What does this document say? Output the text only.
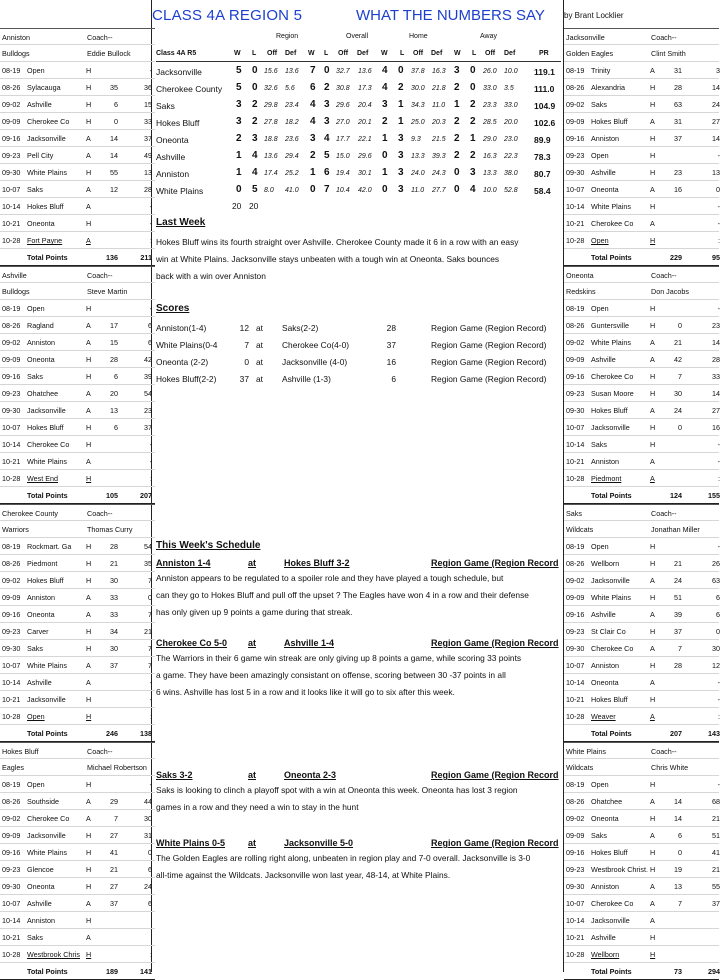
CLASS 4A REGION 5	WHAT THE NUMBERS SAY by Brant Locklier
Anniston	Coach--
Bulldogs	Eddie Bullock
08-19 Open	H	-
08-26 Sylacauga	H	35	36
09-02 Ashville	H	6	15
09-09 Cherokee Co	H	0	33
09-16 Jacksonville	A	14	37
09-23 Pell City	A	14	49
09-30 White Plains	H	55	13
10-07 Saks	A	12	28
10-14 Hokes Bluff	A	-
10-21 Oneonta	H	-
10-28 Fort Payne	A	:
Total Points	136	211
Ashville	Coach--
Bulldogs	Steve Martin
08-19 Open	H	-
08-26 Ragland	A	17	6
09-02 Anniston	A	15	6
09-09 Oneonta	H	28	42
09-16 Saks	H	6	39
09-23 Ohatchee	A	20	54
09-30 Jacksonville	A	13	23
10-07 Hokes Bluff	H	6	37
10-14 Cherokee Co	H	-
10-21 White Plains	A	-
10-28 West End	H	:
Total Points	105	207
Cherokee County	Coach--
Warriors	Thomas Curry
08-19 Rockmart. Ga	H	28	54
08-26 Piedmont	H	21	35
09-02 Hokes Bluff	H	30	7
09-09 Anniston	A	33	0
09-16 Oneonta	A	33	7
09-23 Carver	H	34	21
09-30 Saks	H	30	7
10-07 White Plains	A	37	7
10-14 Ashville	A	-
10-21 Jacksonville	H	-
10-28 Open	H	:
Total Points	246	138
Hokes Bluff	Coach--
Eagles	Michael Robertson
08-19 Open	H	-
08-26 Southside	A	29	44
09-02 Cherokee Co	A	7	30
09-09 Jacksonville	H	27	31
09-16 White Plains	H	41	0
09-23 Glencoe	H	21	6
09-30 Oneonta	H	27	24
10-07 Ashville	A	37	6
10-14 Anniston	H
10-21 Saks	A
10-28 Westbrook Chris H	:
Total Points	189	141
Jacksonville	Coach--
Golden Eagles	Clint Smith
08-19 Trinity	A	31	3
08-26 Alexandria	H	28	14
09-02 Saks	H	63	24
09-09 Hokes Bluff	A	31	27
09-16 Anniston	H	37	14
09-23 Open	H	-
09-30 Ashville	H	23	13
10-07 Oneonta	A	16	0
10-14 White Plains	H	-
10-21 Cherokee Co	A	-
10-28 Open	H	:
Total Points	229	95
Oneonta	Coach--
Redskins	Don Jacobs
08-19 Open	H	-
08-26 Guntersville	H	0	23
09-02 White Plains	A	21	14
09-09 Ashville	A	42	28
09-16 Cherokee Co	H	7	33
09-23 Susan Moore	H	30	14
09-30 Hokes Bluff	A	24	27
10-07 Jacksonville	H	0	16
10-14 Saks	H	-
10-21 Anniston	A	-
10-28 Piedmont	A	:
Total Points	124	155
Saks	Coach--
Wildcats	Jonathan Miller
08-19 Open	H	-
08-26 Wellborn	H	21	26
09-02 Jacksonville	A	24	63
09-09 White Plains	H	51	6
09-16 Ashville	A	39	6
09-23 St Clair Co	H	37	0
09-30 Cherokee Co	A	7	30
10-07 Anniston	H	28	12
10-14 Oneonta	A	-
10-21 Hokes Bluff	H	-
10-28 Weaver	A	:
Total Points	207	143
White Plains	Coach--
Wildcats	Chris White
08-19 Open	H	-
08-26 Ohatchee	A	14	68
09-02 Oneonta	H	14	21
09-09 Saks	A	6	51
09-16 Hokes Bluff	H	0	41
09-23 Westbrook Christ. H	19	21
09-30 Anniston	A	13	55
10-07 Cherokee Co	A	7	37
10-14 Jacksonville	A
10-21 Ashville	H
10-28 Wellborn	H
Total Points	73	294
Region	Overall	Home	Away
Class 4A R5	W L Off Def W L Off Def W L Off Def W L Off Def	PR
Jacksonville	5 0 15.6 13.6 7 0 32.7 13.6 4 0 37.8 16.3 3 0 26.0 10.0 119.1
Cherokee County 5 0 32.6 5.6 6 2 30.8 17.3 4 2 30.0 21.8 2 0 33.0 3.5 111.0
Saks	3 2 29.8 23.4 4 3 29.6 20.4 3 1 34.3 11.0 1 2 23.3 33.0 104.9
Hokes Bluff	3 2 27.8 18.2 4 3 27.0 20.1 2 1 25.0 20.3 2 2 28.5 20.0 102.6
Oneonta	2 3 18.8 23.6 3 4 17.7 22.1 1 3 9.3 21.5 2 1 29.0 23.0 89.9
Ashville	1 4 13.6 29.4 2 5 15.0 29.6 0 3 13.3 39.3 2 2 16.3 22.3 78.3
Anniston	1 4 17.4 25.2 1 6 19.4 30.1 1 3 24.0 24.3 0 3 13.3 38.0 80.7
White Plains	0 5 8.0 41.0 0 7 10.4 42.0 0 3 11.0 27.7 0 4 10.0 52.8 58.4
20 20
Last Week
Hokes Bluff wins its fourth straight over Ashville. Cherokee County made it 6 in a row with an easy
win at White Plains. Jacksonville stays unbeaten with a tough win at Oneonta. Saks bounces
back with a win over Anniston
Scores
Anniston(1-4)	12 at Saks(2-2)	28	Region Game (Region Record)
White Plains(0-4	7 at Cherokee Co(4-0)	37	Region Game (Region Record)
Oneonta (2-2)	0 at Jacksonville (4-0)	16	Region Game (Region Record)
Hokes Bluff(2-2)	37 at Ashville (1-3)	6	Region Game (Region Record)
This Week's Schedule
Anniston 1-4	at	Hokes Bluff 3-2	Region Game (Region Record
Anniston appears to be regulated to a spoiler role and they have played a tough schedule, but
can they go to Hokes Bluff and pull off the upset ? The Eagles have won 4 in a row and their defense
has only given up 9 points a game during that streak.
Cherokee Co 5-0 at	Ashville 1-4	Region Game (Region Record
The Warriors in their 6 game win streak are only giving up 8 points a game, while scoring 33 points
a game. They have been amazingly consistant on offense, scoring between 30 -37 points in all
6 wins. Ashville has lost 5 in a row and it looks like it will go to six after this week.
Saks 3-2	at	Oneonta 2-3	Region Game (Region Record
Saks is looking to clinch a playoff spot with a win at Oneonta this week. Oneonta has lost 3 region
games in a row and they need a win to stay in the hunt
White Plains 0-5	at	Jacksonville 5-0	Region Game (Region Record
The Golden Eagles are rolling right along, unbeaten in region play and 7-0 overall. Jacksonville is 3-0
all-time against the Wildcats. Jacksonville won last year, 48-14, at White Plains.
